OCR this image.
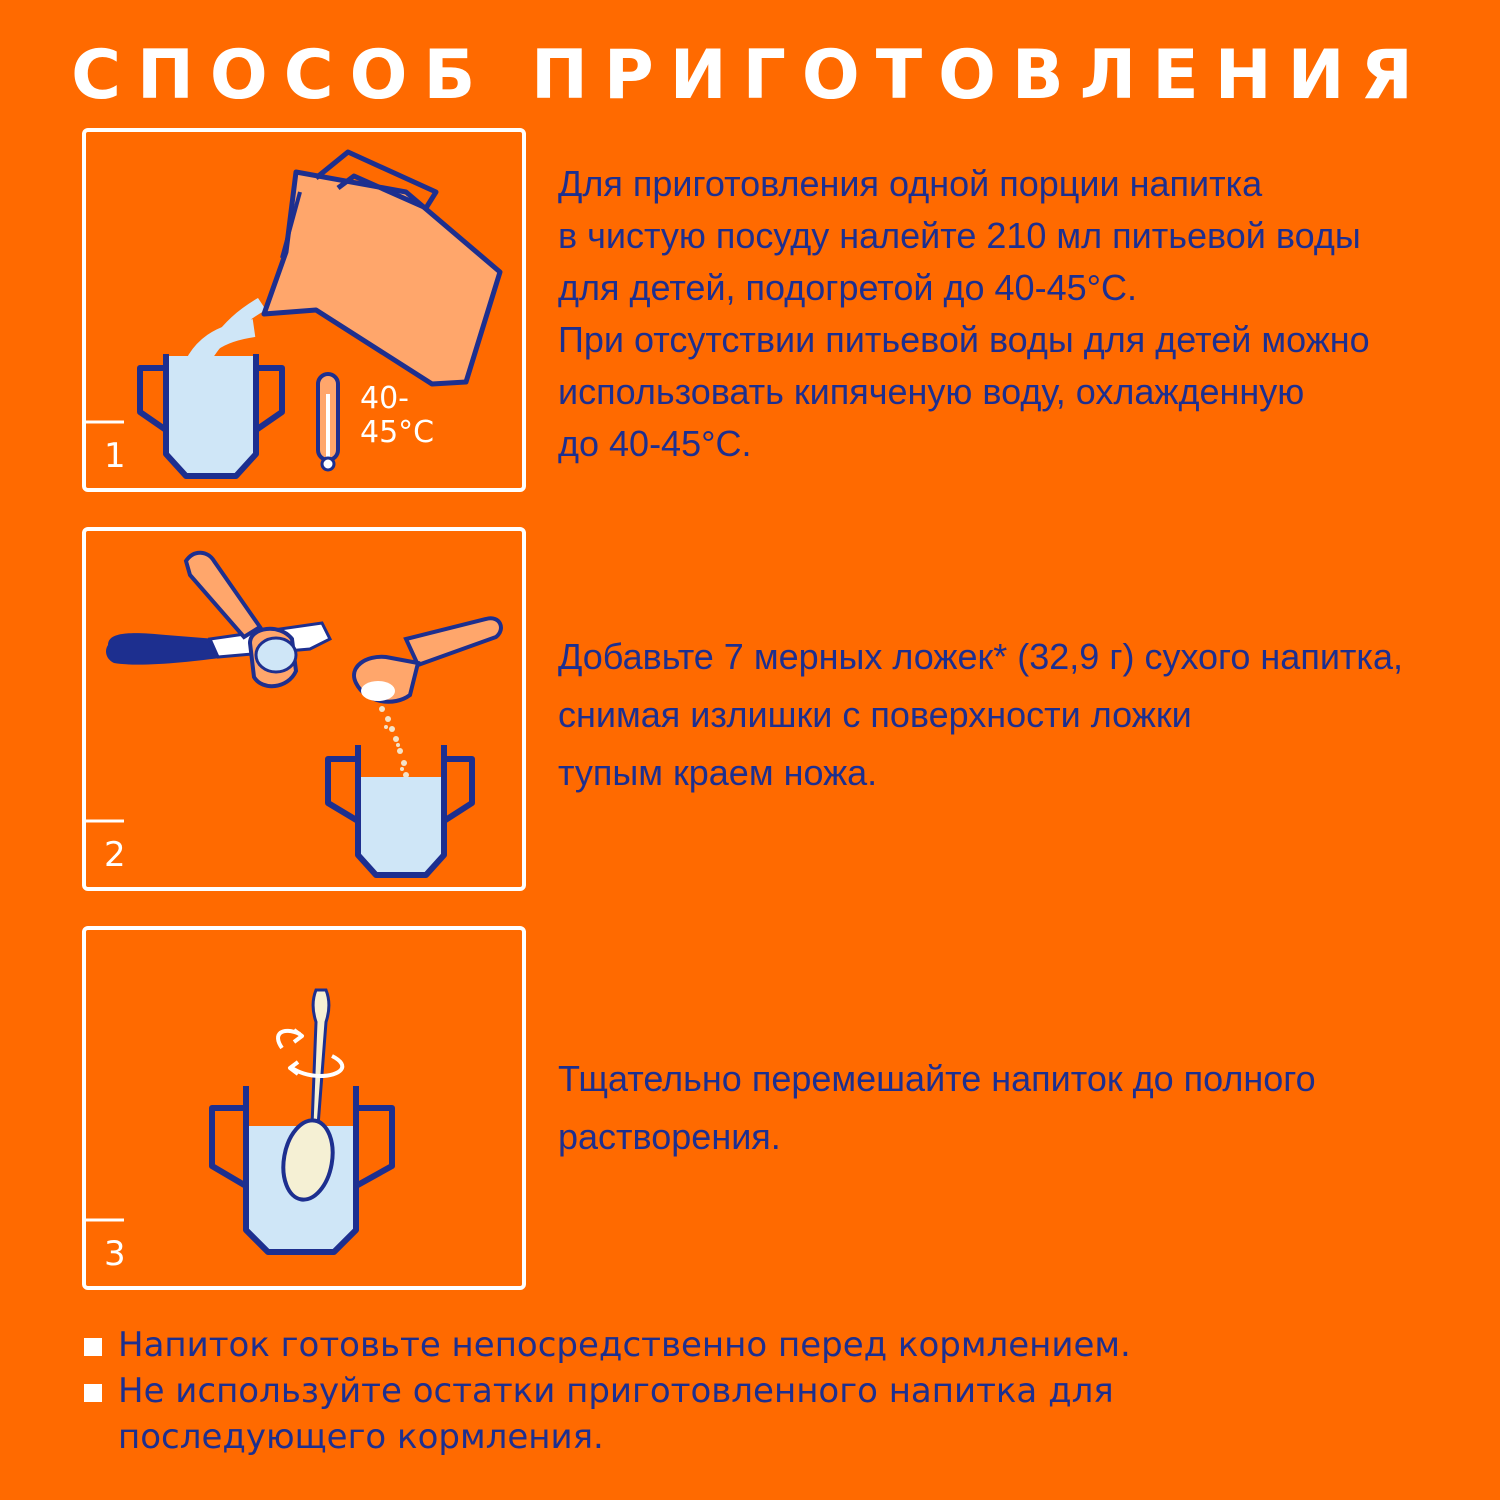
СПОСОБ ПРИГОТОВЛЕНИЯ
40-
45°C
1

Для приготовления одной порции напитка

в чистую посуду налейте 210 мл питьевой воды

для детей, подогретой до 40-45°C.

При отсутствии питьевой воды для детей можно

использовать кипяченую воду, охлажденную

до 40-45°C.

2

Добавьте 7 мерных ложек* (32,9 г) сухого напитка,

снимая излишки с поверхности ложки

тупым краем ножа.

3

Тщательно перемешайте напиток до полного

растворения.

Напиток готовьте непосредственно перед кормлением.
Не используйте остатки приготовленного напитка для последующего кормления.
